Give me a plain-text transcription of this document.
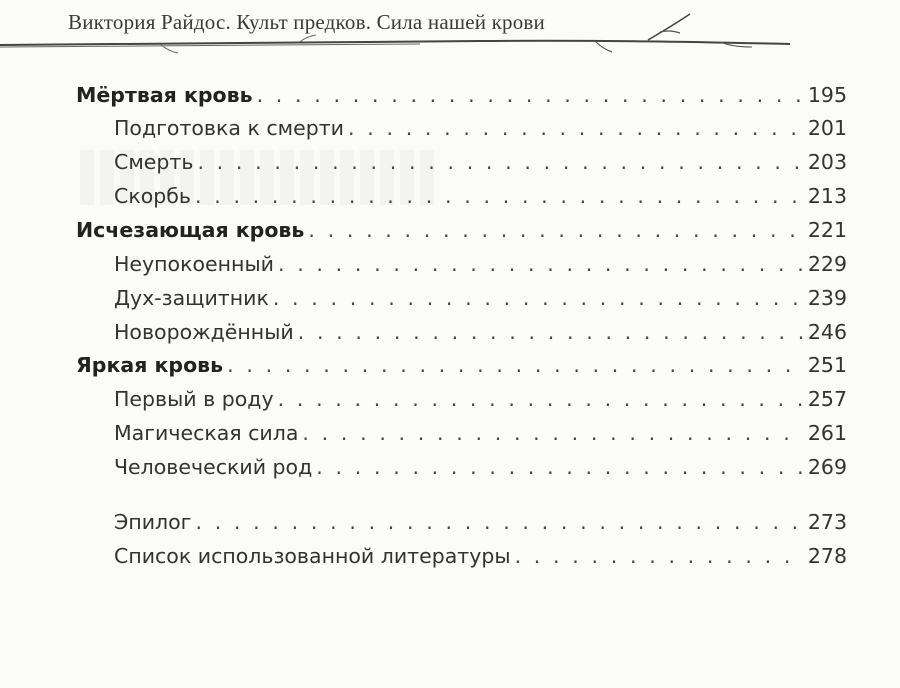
Виктория Райдос. Культ предков. Сила нашей крови
Мёртвая кровь . . .	195
Подготовка к смерти . . .	201
Смерть . . .	203
Скорбь . . .	213
Исчезающая кровь . . .	221
Неупокоенный . . .	229
Дух-защитник . . .	239
Новорождённый . . .	246
Яркая кровь . . .	251
Первый в роду . . .	257
Магическая сила . . .	261
Человеческий род . . .	269
Эпилог . . .	273
Список использованной литературы . . .	278
